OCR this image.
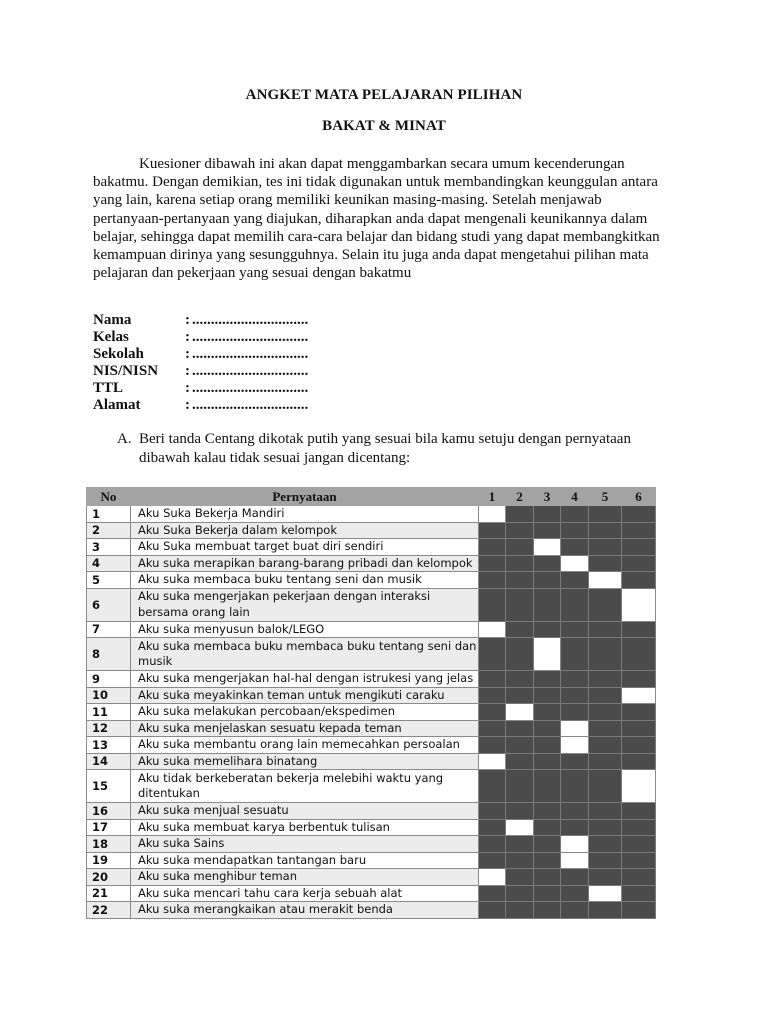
ANGKET MATA PELAJARAN PILIHAN
BAKAT & MINAT

Kuesioner dibawah ini akan dapat menggambarkan secara umum kecenderungan bakatmu. Dengan demikian, tes ini tidak digunakan untuk membandingkan keunggulan antara yang lain, karena setiap orang memiliki keunikan masing-masing. Setelah menjawab pertanyaan-pertanyaan yang diajukan, diharapkan anda dapat mengenali keunikannya dalam belajar, sehingga dapat memilih cara-cara belajar dan bidang studi yang dapat membangkitkan kemampuan dirinya yang sesungguhnya. Selain itu juga anda dapat mengetahui pilihan mata pelajaran dan pekerjaan yang sesuai dengan bakatmu

Nama	: ...............................
Kelas	: ...............................
Sekolah	: ...............................
NIS/NISN	: ...............................
TTL	: ...............................
Alamat	: ...............................
A. Beri tanda Centang dikotak putih yang sesuai bila kamu setuju dengan pernyataan dibawah kalau tidak sesuai jangan dicentang:
No	Pernyataan	1	2	3	4	5	6
1	Aku Suka Bekerja Mandiri						
2	Aku Suka Bekerja dalam kelompok						
3	Aku Suka membuat target buat diri sendiri						
4	Aku suka merapikan barang-barang pribadi dan kelompok						
5	Aku suka membaca buku tentang seni dan musik						
6	Aku suka mengerjakan pekerjaan dengan interaksi bersama orang lain						
7	Aku suka menyusun balok/LEGO						
8	Aku suka membaca buku membaca buku tentang seni dan musik						
9	Aku suka mengerjakan hal-hal dengan istrukesi yang jelas						
10	Aku suka meyakinkan teman untuk mengikuti caraku						
11	Aku suka melakukan percobaan/ekspedimen						
12	Aku suka menjelaskan sesuatu kepada teman						
13	Aku suka membantu orang lain memecahkan persoalan						
14	Aku suka memelihara binatang						
15	Aku tidak berkeberatan bekerja melebihi waktu yang ditentukan						
16	Aku suka menjual sesuatu						
17	Aku suka membuat karya berbentuk tulisan						
18	Aku suka Sains						
19	Aku suka mendapatkan tantangan baru						
20	Aku suka menghibur teman						
21	Aku suka mencari tahu cara kerja sebuah alat						
22	Aku suka merangkaikan atau merakit benda						
